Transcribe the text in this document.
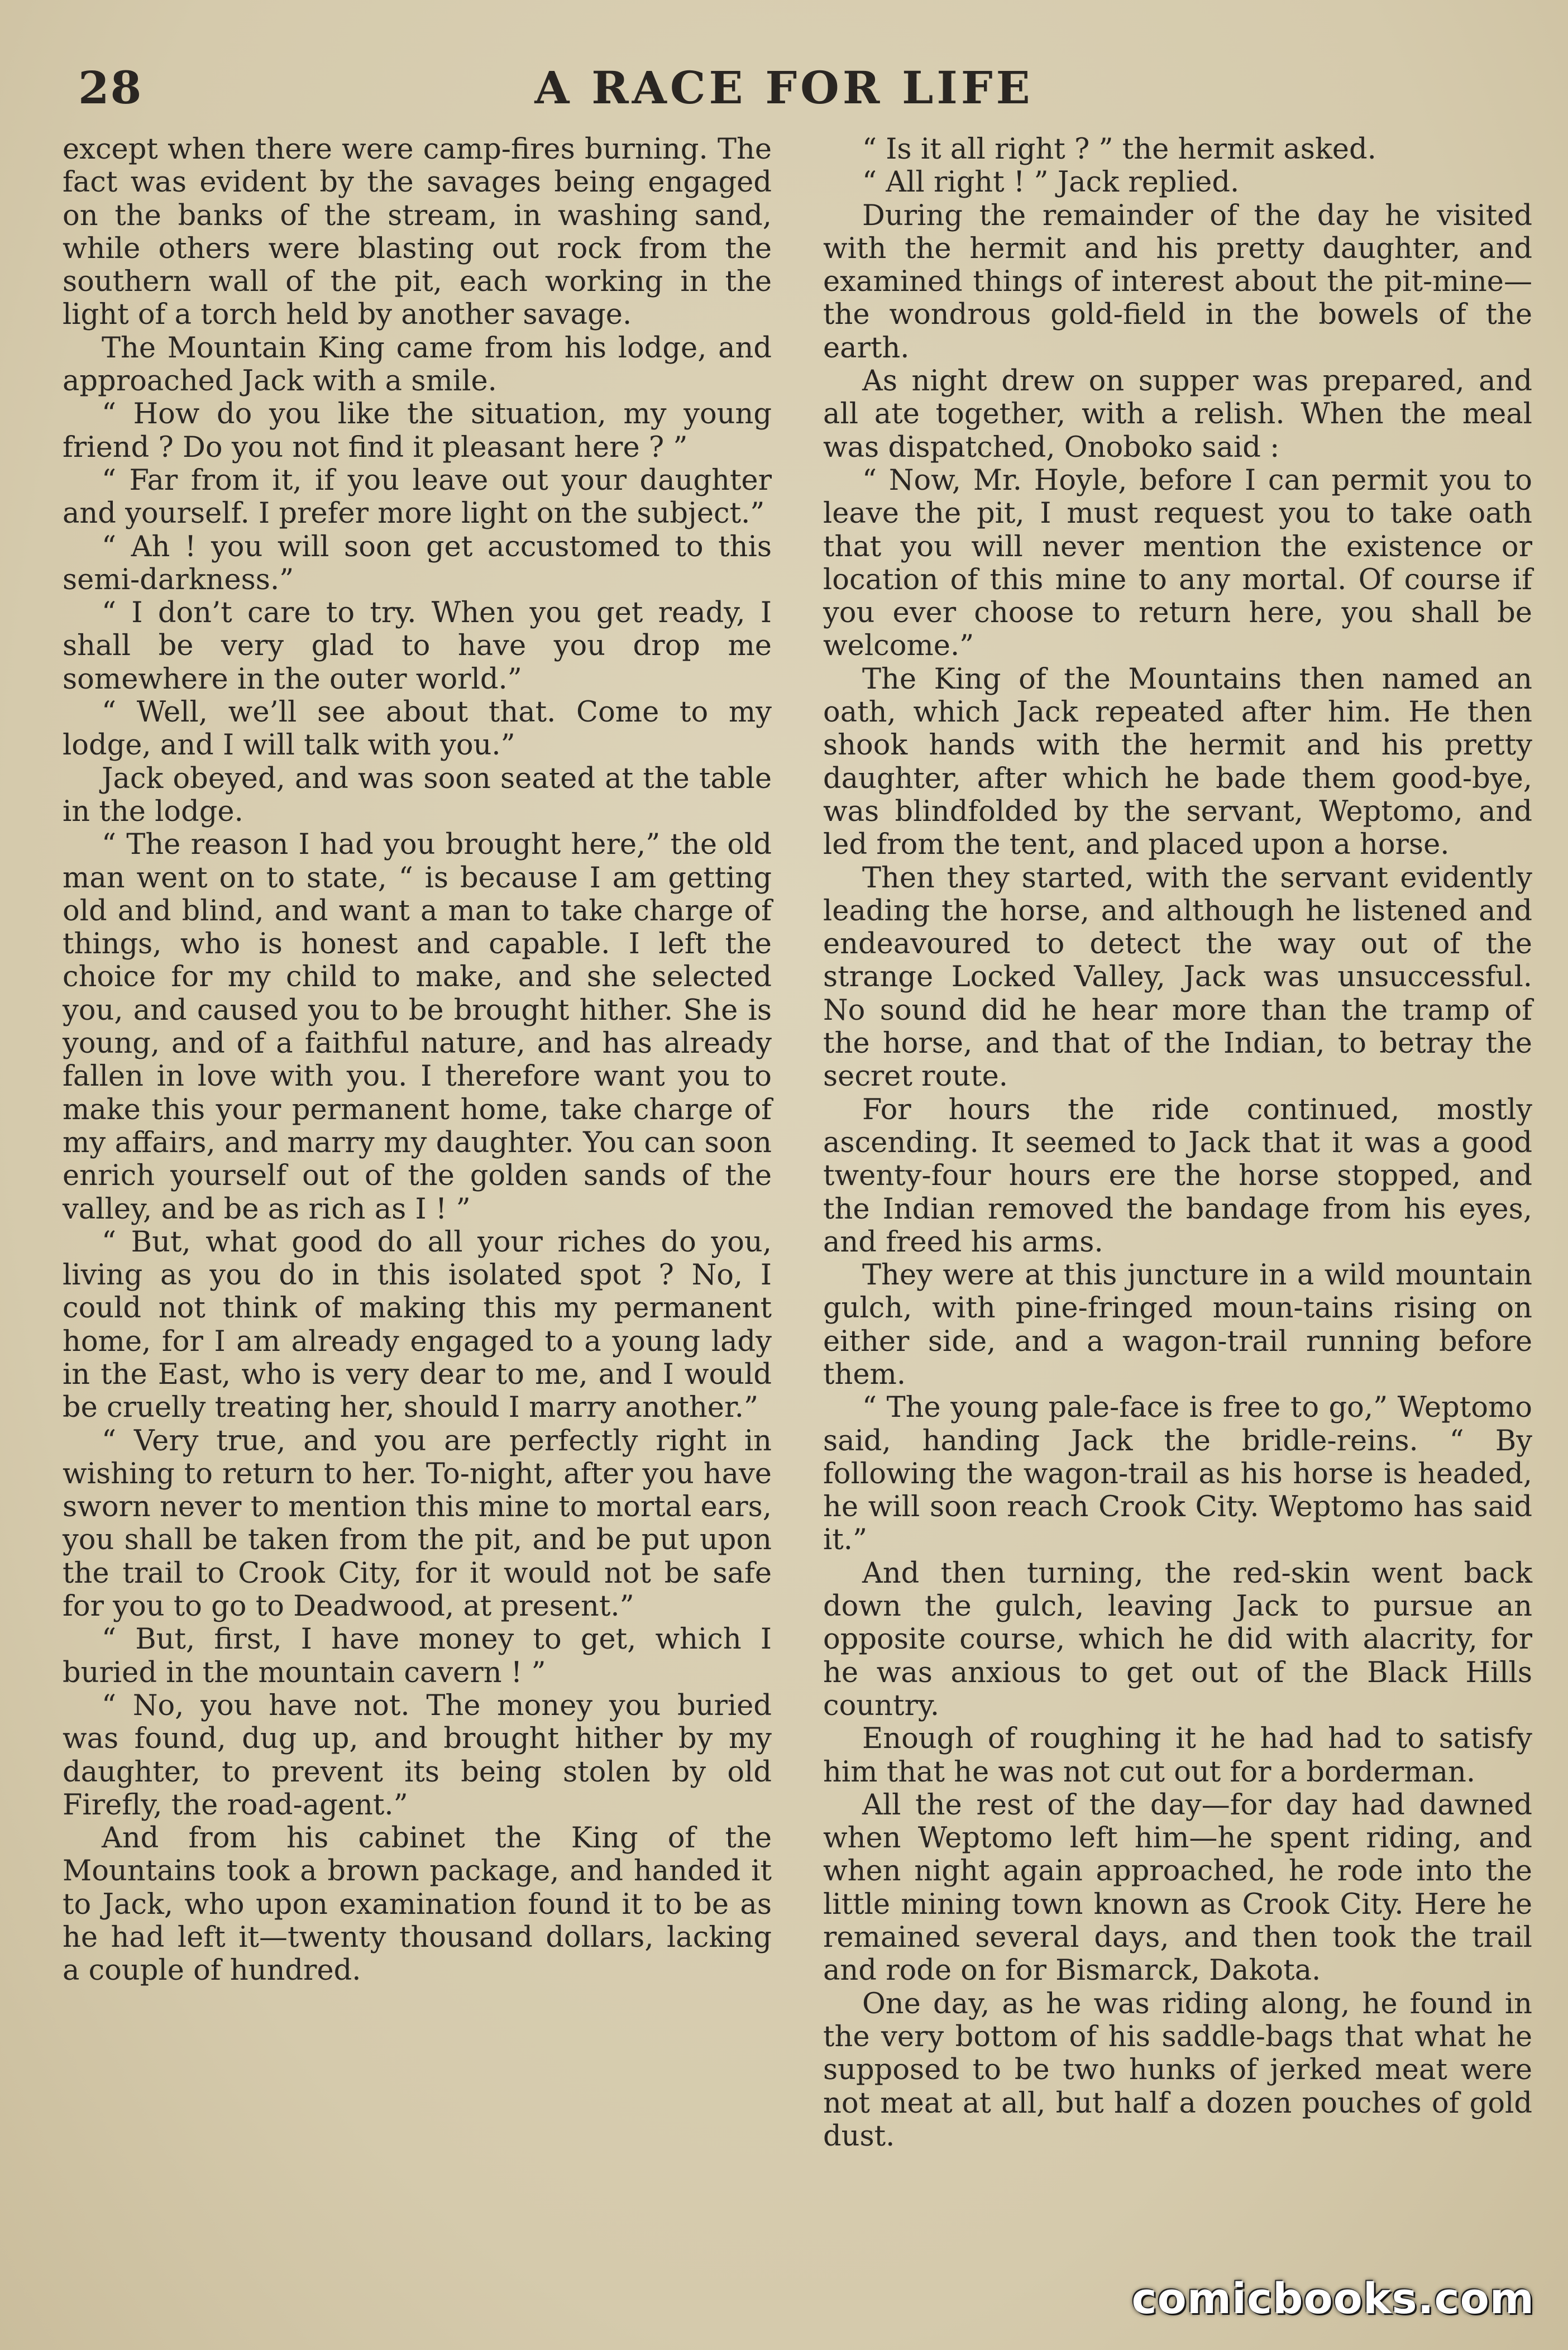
28	A RACE FOR LIFE

except when there were camp-fires burning. The fact was evident by the savages being engaged on the banks of the stream, in washing sand, while others were blasting out rock from the southern wall of the pit, each working in the light of a torch held by another savage.

The Mountain King came from his lodge, and approached Jack with a smile.

“ How do you like the situation, my young friend ? Do you not find it pleasant here ? ”

“ Far from it, if you leave out your daughter and yourself. I prefer more light on the subject.”

“ Ah ! you will soon get accustomed to this semi-darkness.”

“ I don’t care to try. When you get ready, I shall be very glad to have you drop me somewhere in the outer world.”

“ Well, we’ll see about that. Come to my lodge, and I will talk with you.”

Jack obeyed, and was soon seated at the table in the lodge.

“ The reason I had you brought here,” the old man went on to state, “ is because I am getting old and blind, and want a man to take charge of things, who is honest and capable. I left the choice for my child to make, and she selected you, and caused you to be brought hither. She is young, and of a faithful nature, and has already fallen in love with you. I therefore want you to make this your permanent home, take charge of my affairs, and marry my daughter. You can soon enrich yourself out of the golden sands of the valley, and be as rich as I ! ”

“ But, what good do all your riches do you, living as you do in this isolated spot ? No, I could not think of making this my permanent home, for I am already engaged to a young lady in the East, who is very dear to me, and I would be cruelly treating her, should I marry another.”

“ Very true, and you are perfectly right in wishing to return to her. To-night, after you have sworn never to mention this mine to mortal ears, you shall be taken from the pit, and be put upon the trail to Crook City, for it would not be safe for you to go to Deadwood, at present.”

“ But, first, I have money to get, which I buried in the mountain cavern ! ”

“ No, you have not. The money you buried was found, dug up, and brought hither by my daughter, to prevent its being stolen by old Firefly, the road-agent.”

And from his cabinet the King of the Mountains took a brown package, and handed it to Jack, who upon examination found it to be as he had left it—twenty thousand dollars, lacking a couple of hundred.

“ Is it all right ? ” the hermit asked.

“ All right ! ” Jack replied.

During the remainder of the day he visited with the hermit and his pretty daughter, and examined things of interest about the pit-mine—the wondrous gold-field in the bowels of the earth.

As night drew on supper was prepared, and all ate together, with a relish. When the meal was dispatched, Onoboko said :

“ Now, Mr. Hoyle, before I can permit you to leave the pit, I must request you to take oath that you will never mention the existence or location of this mine to any mortal. Of course if you ever choose to return here, you shall be welcome.”

The King of the Mountains then named an oath, which Jack repeated after him. He then shook hands with the hermit and his pretty daughter, after which he bade them good-bye, was blindfolded by the servant, Weptomo, and led from the tent, and placed upon a horse.

Then they started, with the servant evidently leading the horse, and although he listened and endeavoured to detect the way out of the strange Locked Valley, Jack was unsuccessful. No sound did he hear more than the tramp of the horse, and that of the Indian, to betray the secret route.

For hours the ride continued, mostly ascending. It seemed to Jack that it was a good twenty-four hours ere the horse stopped, and the Indian removed the bandage from his eyes, and freed his arms.

They were at this juncture in a wild mountain gulch, with pine-fringed moun-tains rising on either side, and a wagon-trail running before them.

“ The young pale-face is free to go,” Weptomo said, handing Jack the bridle-reins. “ By following the wagon-trail as his horse is headed, he will soon reach Crook City. Weptomo has said it.”

And then turning, the red-skin went back down the gulch, leaving Jack to pursue an opposite course, which he did with alacrity, for he was anxious to get out of the Black Hills country.

Enough of roughing it he had had to satisfy him that he was not cut out for a borderman.

All the rest of the day—for day had dawned when Weptomo left him—he spent riding, and when night again approached, he rode into the little mining town known as Crook City. Here he remained several days, and then took the trail and rode on for Bismarck, Dakota.

One day, as he was riding along, he found in the very bottom of his saddle-bags that what he supposed to be two hunks of jerked meat were not meat at all, but half a dozen pouches of gold dust.

comicbooks.com
